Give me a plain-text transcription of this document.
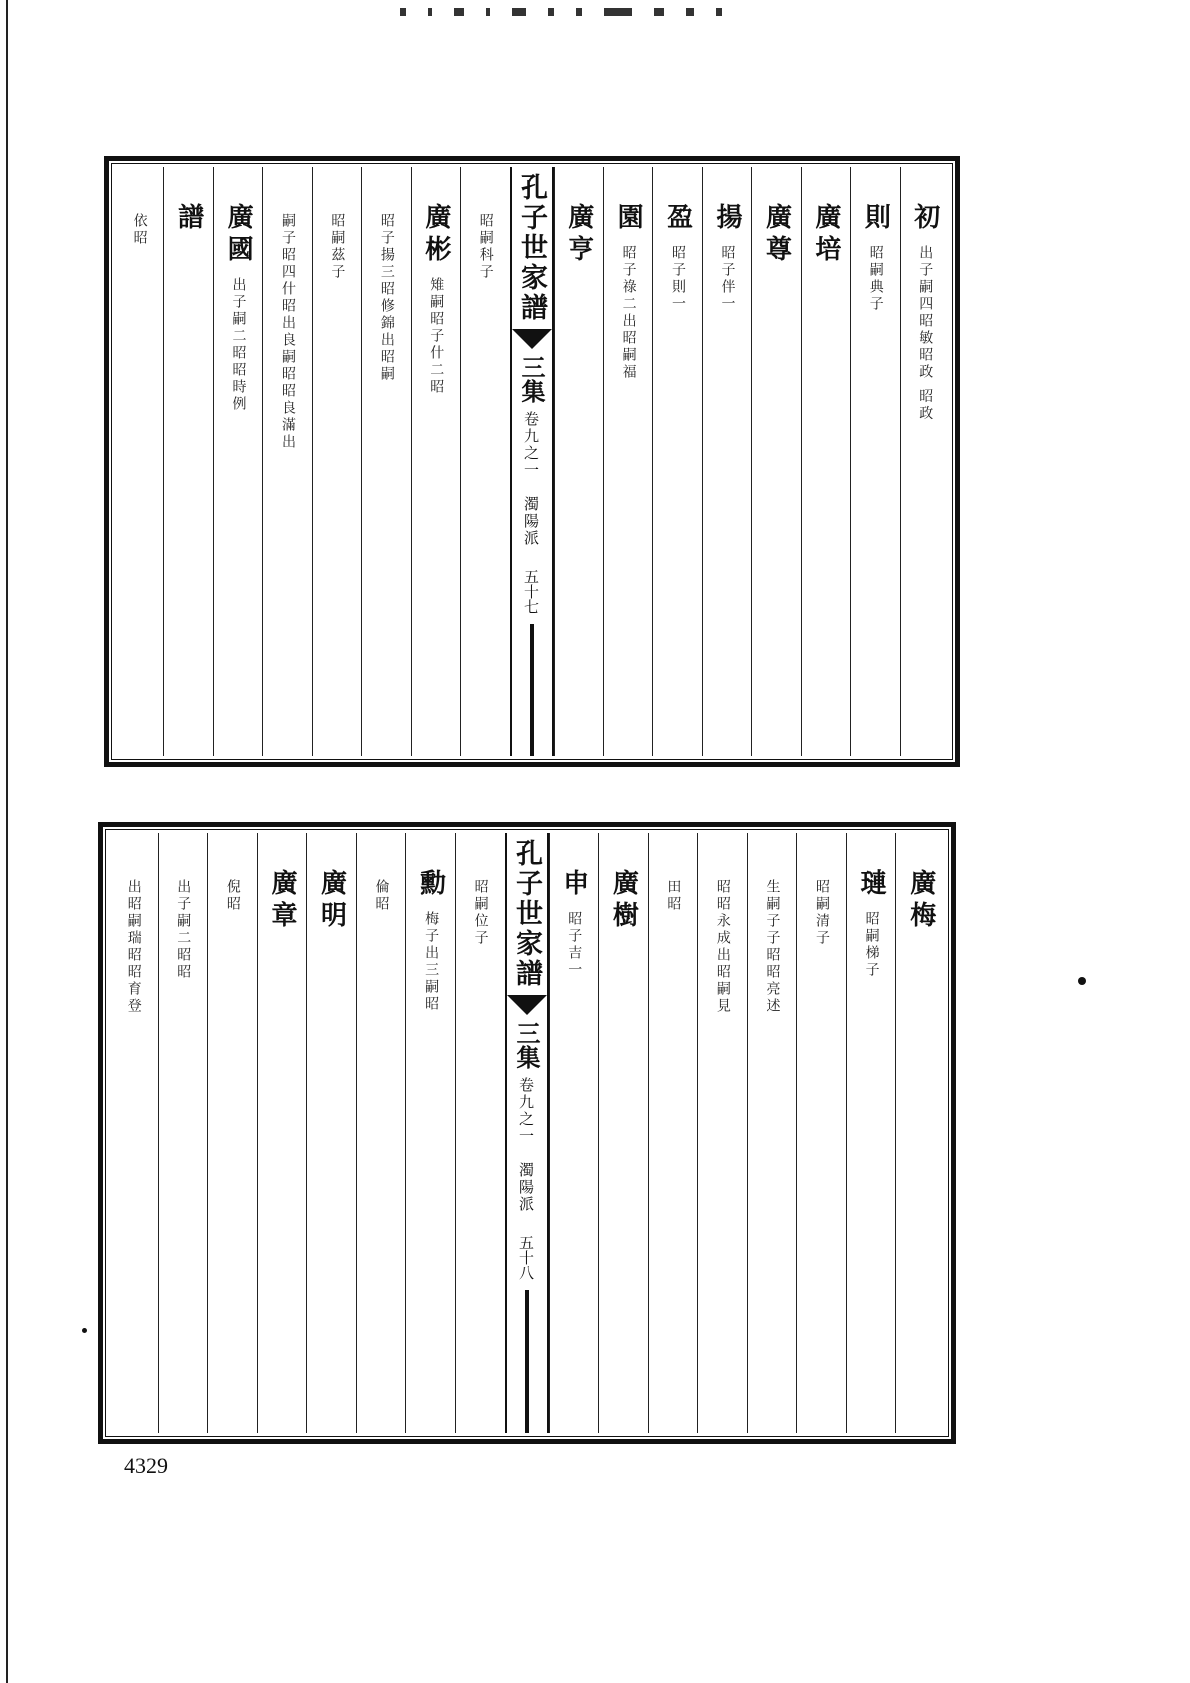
初
出子嗣四昭敏昭政 昭政
則
昭嗣典子
廣培
廣尊
揚
昭子伴一
盈
昭子則一
園
昭子祿二出昭嗣福
廣亨
孔子世家譜
三集
卷九之一　濁陽派
五十七
昭嗣科子
廣彬
雉嗣昭子什二昭
昭子揚三昭修錦出昭嗣
昭嗣茲子
嗣子昭四什昭出良嗣昭昭良滿出
廣國
出子嗣二昭昭時例
譜
依昭
廣梅
璉
昭嗣梯子
昭嗣清子
生嗣子子昭昭亮述
昭昭永成出昭嗣見
田昭
廣樹
申
昭子吉一
孔子世家譜
三集
卷九之一　濁陽派
五十八
昭嗣位子
勳
梅子出三嗣昭
倫昭
廣明
廣章
倪昭
出子嗣二昭昭
出昭嗣瑞昭昭育登
4329
